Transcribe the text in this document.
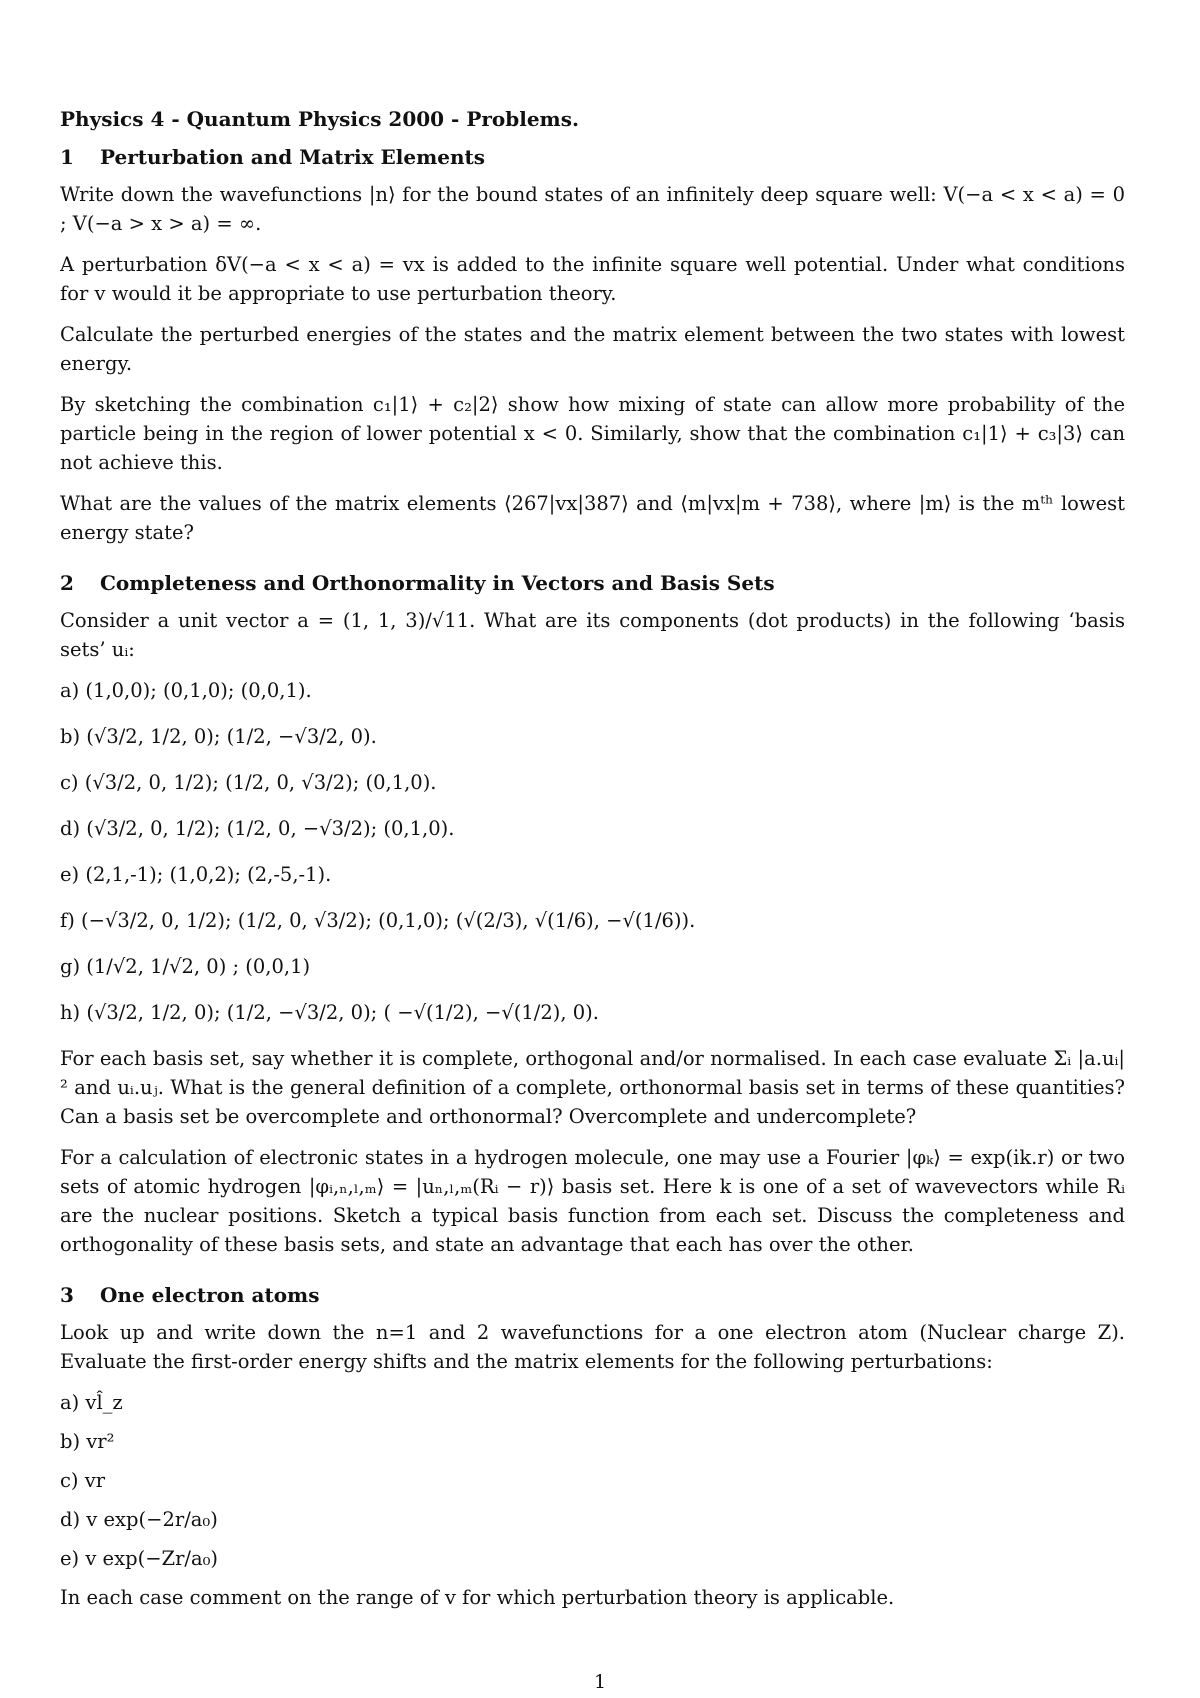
Physics 4 - Quantum Physics 2000 - Problems.
1 Perturbation and Matrix Elements

Write down the wavefunctions |n⟩ for the bound states of an infinitely deep square well: V(−a < x < a) = 0 ; V(−a > x > a) = ∞.

A perturbation δV(−a < x < a) = vx is added to the infinite square well potential. Under what conditions for v would it be appropriate to use perturbation theory.

Calculate the perturbed energies of the states and the matrix element between the two states with lowest energy.

By sketching the combination c₁|1⟩ + c₂|2⟩ show how mixing of state can allow more probability of the particle being in the region of lower potential x < 0. Similarly, show that the combination c₁|1⟩ + c₃|3⟩ can not achieve this.

What are the values of the matrix elements ⟨267|vx|387⟩ and ⟨m|vx|m + 738⟩, where |m⟩ is the mᵗʰ lowest energy state?

2 Completeness and Orthonormality in Vectors and Basis Sets

Consider a unit vector a = (1, 1, 3)/√11. What are its components (dot products) in the following ‘basis sets’ uᵢ:

a) (1,0,0); (0,1,0); (0,0,1).
b) (√3/2, 1/2, 0); (1/2, −√3/2, 0).
c) (√3/2, 0, 1/2); (1/2, 0, √3/2); (0,1,0).
d) (√3/2, 0, 1/2); (1/2, 0, −√3/2); (0,1,0).
e) (2,1,-1); (1,0,2); (2,-5,-1).
f) (−√3/2, 0, 1/2); (1/2, 0, √3/2); (0,1,0); (√(2/3), √(1/6), −√(1/6)).
g) (1/√2, 1/√2, 0) ; (0,0,1)
h) (√3/2, 1/2, 0); (1/2, −√3/2, 0); ( −√(1/2), −√(1/2), 0).

For each basis set, say whether it is complete, orthogonal and/or normalised. In each case evaluate Σᵢ |a.uᵢ|² and uᵢ.uⱼ. What is the general definition of a complete, orthonormal basis set in terms of these quantities? Can a basis set be overcomplete and orthonormal? Overcomplete and undercomplete?

For a calculation of electronic states in a hydrogen molecule, one may use a Fourier |φₖ⟩ = exp(ik.r) or two sets of atomic hydrogen |φᵢ,ₙ,ₗ,ₘ⟩ = |uₙ,ₗ,ₘ(Rᵢ − r)⟩ basis set. Here k is one of a set of wavevectors while Rᵢ are the nuclear positions. Sketch a typical basis function from each set. Discuss the completeness and orthogonality of these basis sets, and state an advantage that each has over the other.

3 One electron atoms

Look up and write down the n=1 and 2 wavefunctions for a one electron atom (Nuclear charge Z). Evaluate the first-order energy shifts and the matrix elements for the following perturbations:

a) vl̂_z
b) vr²
c) vr
d) v exp(−2r/a₀)
e) v exp(−Zr/a₀)

In each case comment on the range of v for which perturbation theory is applicable.

1
